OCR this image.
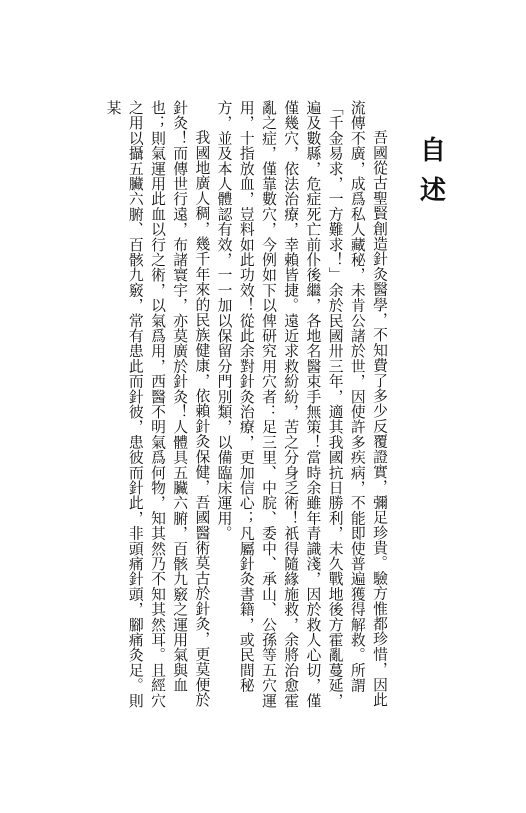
自
述

吾國從古聖賢創造針灸醫學，不知費了多少反覆證實，彌足珍貴。驗方惟都珍惜，因此流傳不廣，成爲私人藏秘，未肯公諸於世，因使許多疾病，不能即使普遍獲得解救。所謂「千金易求，一方難求！」余於民國卅三年，適其我國抗日勝利，未久戰地後方霍亂蔓延，遍及數縣，危症死亡前仆後繼，各地名醫束手無策！當時余雖年青識淺，因於救人心切，僅僅幾穴，依法治療，幸賴皆捷。遠近求救紛紛，苦之分身乏術！祇得隨緣施救，余將治愈霍亂之症，僅靠數穴，今例如下以俾研究用穴者：足三里、中脘、委中、承山、公孫等五穴運用，十指放血，豈料如此功效！從此余對針灸治療，更加信心；凡屬針灸書籍，或民間秘方，並及本人體認有效，一一加以保留分門別類，以備臨床運用。

我國地廣人稠，幾千年來的民族健康，依賴針灸保健，吾國醫術莫古於針灸，更莫便於針灸！而傳世行遠，布諸寰宇，亦莫廣於針灸！人體具五臟六腑，百骸九竅之運用氣與血也；則氣運用此血以行之術，以氣爲用，西醫不明氣爲何物，知其然乃不知其然耳。且經穴之用以攝五臟六腑、百骸九竅，常有患此而針彼，患彼而針此，非頭痛針頭，腳痛灸足。則某
